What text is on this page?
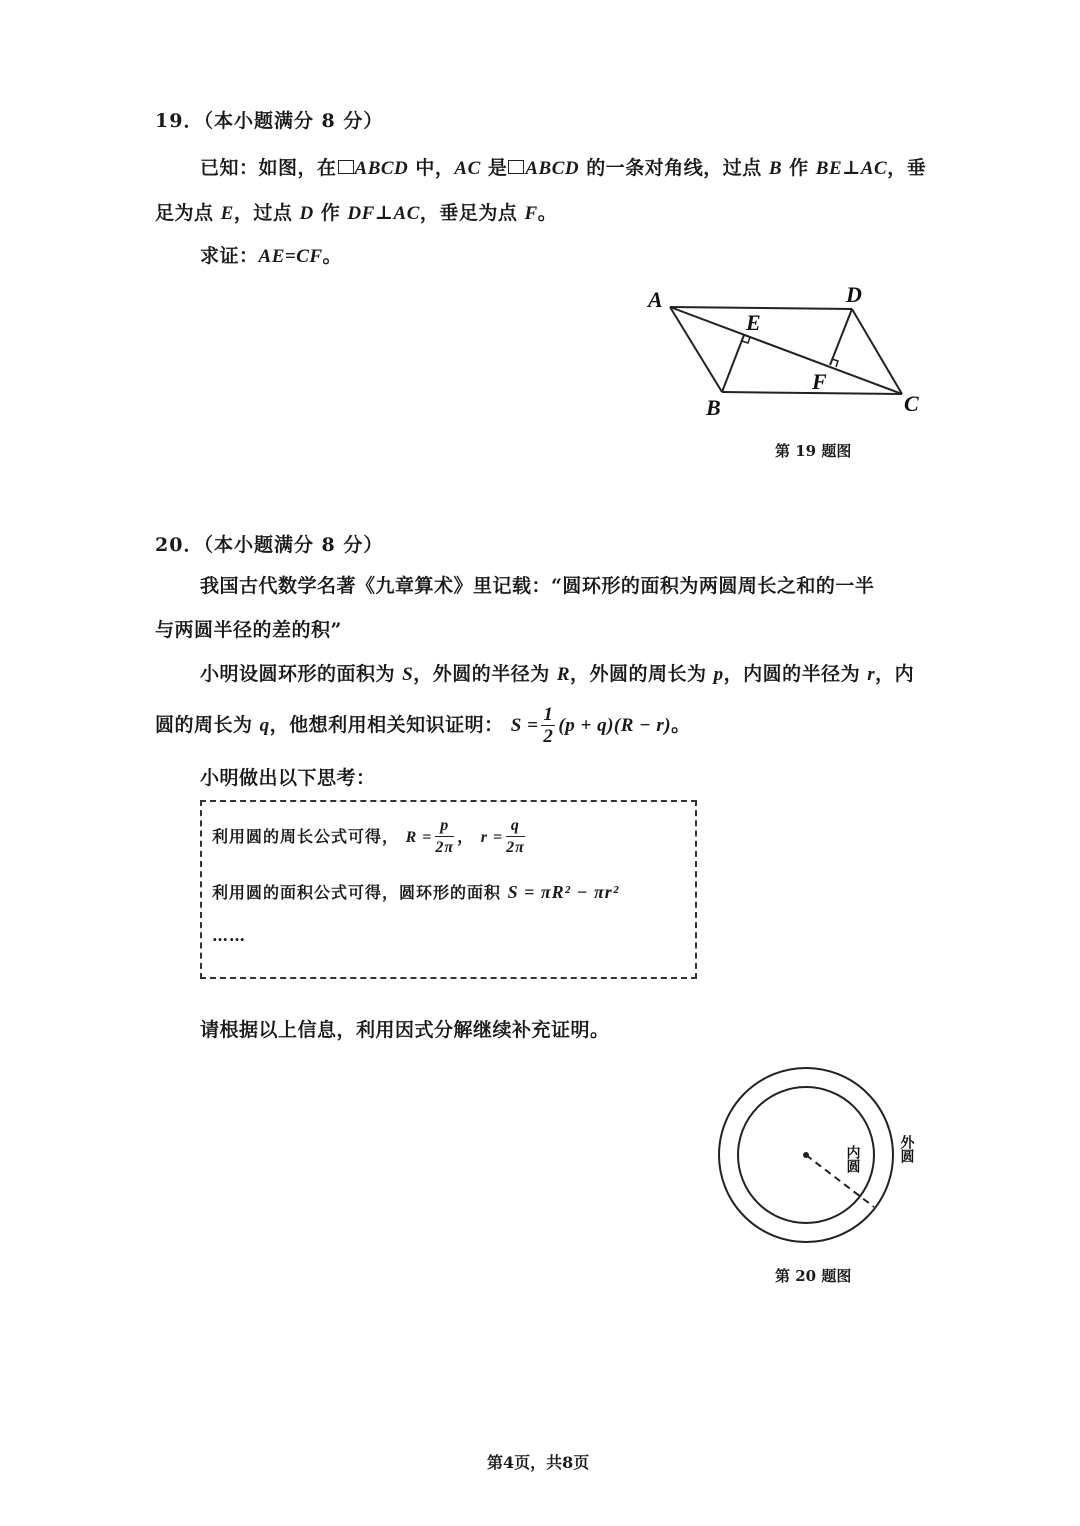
19．（本小题满分 8 分）
已知：如图，在 ABCD 中，AC 是 ABCD 的一条对角线，过点 B 作 BE⊥AC，垂
足为点 E，过点 D 作 DF⊥AC，垂足为点 F。
求证：AE=CF。
A	D
E
F
B	C
第 19 题图
20．（本小题满分 8 分）
我国古代数学名著《九章算术》里记载：“圆环形的面积为两圆周长之和的一半
与两圆半径的差的积”
小明设圆环形的面积为 S，外圆的半径为 R，外圆的周长为 p，内圆的半径为 r，内
圆的周长为 q，他想利用相关知识证明： $S = \frac{1}{2} (p + q)(R - r)$。
小明做出以下思考：
利用圆的周长公式可得， $R = \frac{p}{2\pi}$ ， $r = \frac{q}{2\pi}$
利用圆的面积公式可得，圆环形的面积 S = πR² − πr²
……
请根据以上信息，利用因式分解继续补充证明。
内圆	外圆
第 20 题图
第4页，共8页
